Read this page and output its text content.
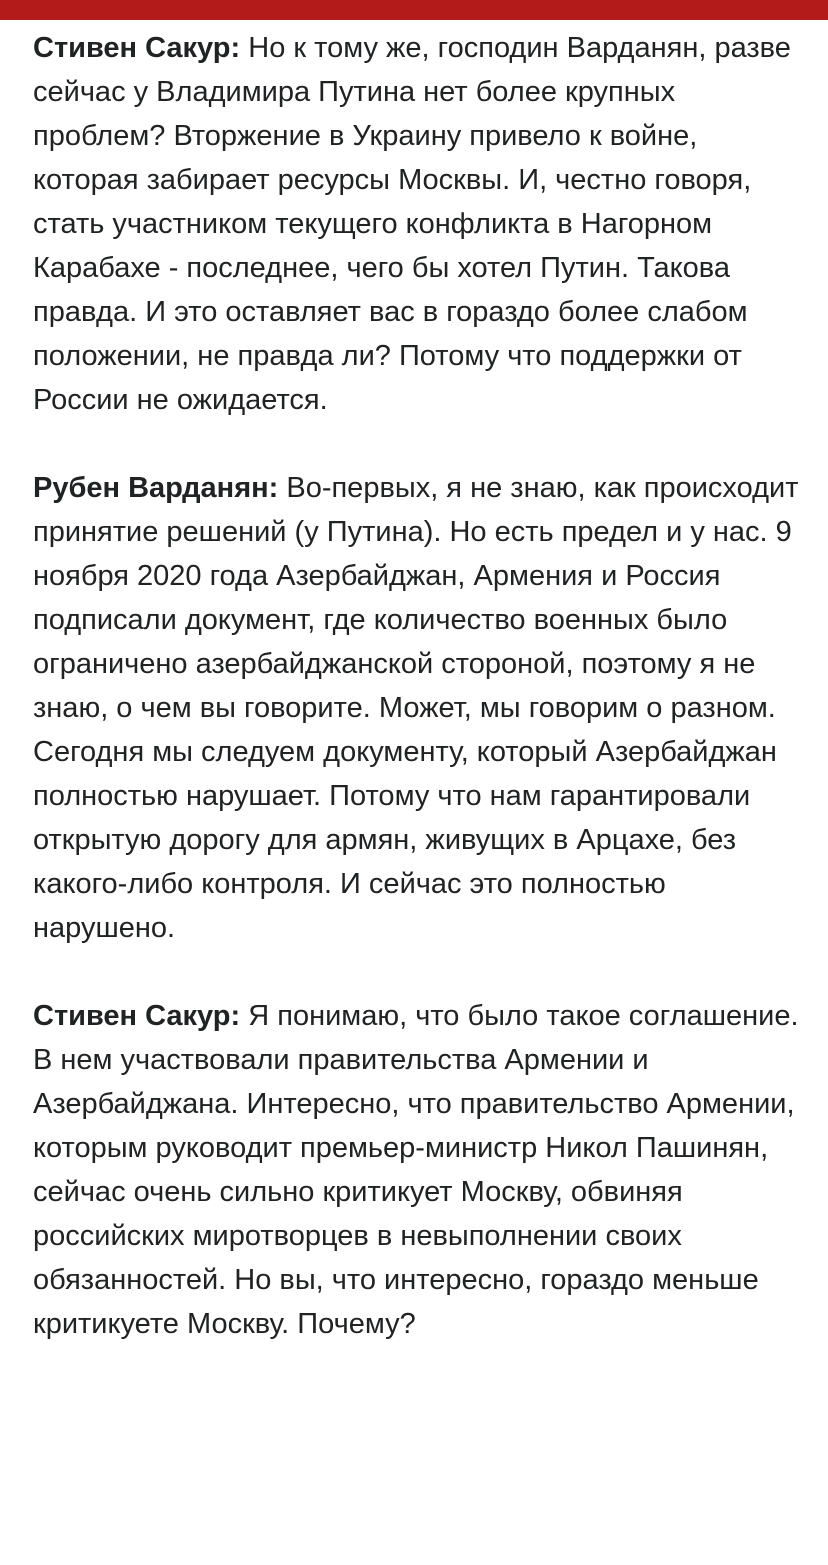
Стивен Сакур: Но к тому же, господин Варданян, разве сейчас у Владимира Путина нет более крупных проблем? Вторжение в Украину привело к войне, которая забирает ресурсы Москвы. И, честно говоря, стать участником текущего конфликта в Нагорном Карабахе - последнее, чего бы хотел Путин. Такова правда. И это оставляет вас в гораздо более слабом положении, не правда ли? Потому что поддержки от России не ожидается.

Рубен Варданян: Во-первых, я не знаю, как происходит принятие решений (у Путина). Но есть предел и у нас. 9 ноября 2020 года Азербайджан, Армения и Россия подписали документ, где количество военных было ограничено азербайджанской стороной, поэтому я не знаю, о чем вы говорите. Может, мы говорим о разном. Сегодня мы следуем документу, который Азербайджан полностью нарушает. Потому что нам гарантировали открытую дорогу для армян, живущих в Арцахе, без какого-либо контроля. И сейчас это полностью нарушено.

Стивен Сакур: Я понимаю, что было такое соглашение. В нем участвовали правительства Армении и Азербайджана. Интересно, что правительство Армении, которым руководит премьер-министр Никол Пашинян, сейчас очень сильно критикует Москву, обвиняя российских миротворцев в невыполнении своих обязанностей. Но вы, что интересно, гораздо меньше критикуете Москву. Почему?
